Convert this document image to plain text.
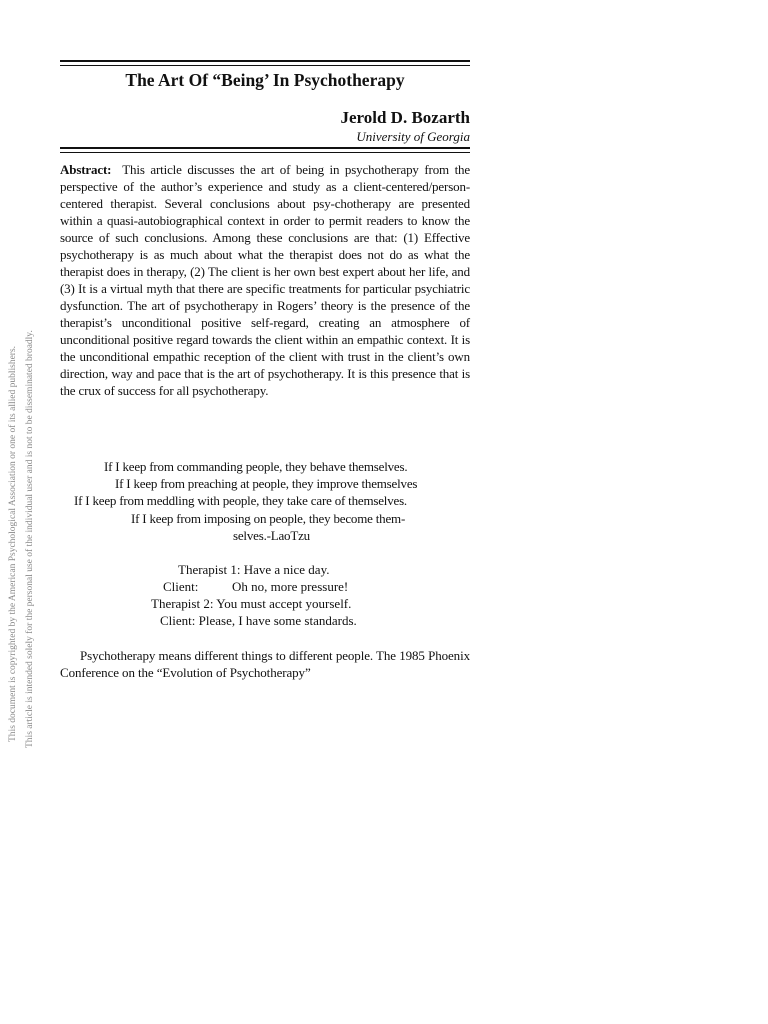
This document is copyrighted by the American Psychological Association or one of its allied publishers. This article is intended solely for the personal use of the individual user and is not to be disseminated broadly.
The Art Of “Being’ In Psychotherapy
Jerold D. Bozarth
University of Georgia

Abstract: This article discusses the art of being in psychotherapy from the perspective of the author’s experience and study as a client-centered/person-centered therapist. Several conclusions about psy-chotherapy are presented within a quasi-autobiographical context in order to permit readers to know the source of such conclusions. Among these conclusions are that: (1) Effective psychotherapy is as much about what the therapist does not do as what the therapist does in therapy, (2) The client is her own best expert about her life, and (3) It is a virtual myth that there are specific treatments for particular psychiatric dysfunction. The art of psychotherapy in Rogers’ theory is the presence of the therapist’s unconditional positive self-regard, creating an atmosphere of unconditional positive regard towards the client within an empathic context. It is the unconditional empathic reception of the client with trust in the client’s own direction, way and pace that is the art of psychotherapy. It is this presence that is the crux of success for all psychotherapy.

If I keep from commanding people, they behave themselves.

If I keep from preaching at people, they improve themselves

If I keep from meddling with people, they take care of themselves.

If I keep from imposing on people, they become them-

selves.-LaoTzu

Therapist 1: Have a nice day.

Client:	Oh no, more pressure!

Therapist 2: You must accept yourself.

Client: Please, I have some standards.

Psychotherapy means different things to different people. The 1985 Phoenix Conference on the “Evolution of Psychotherapy”
